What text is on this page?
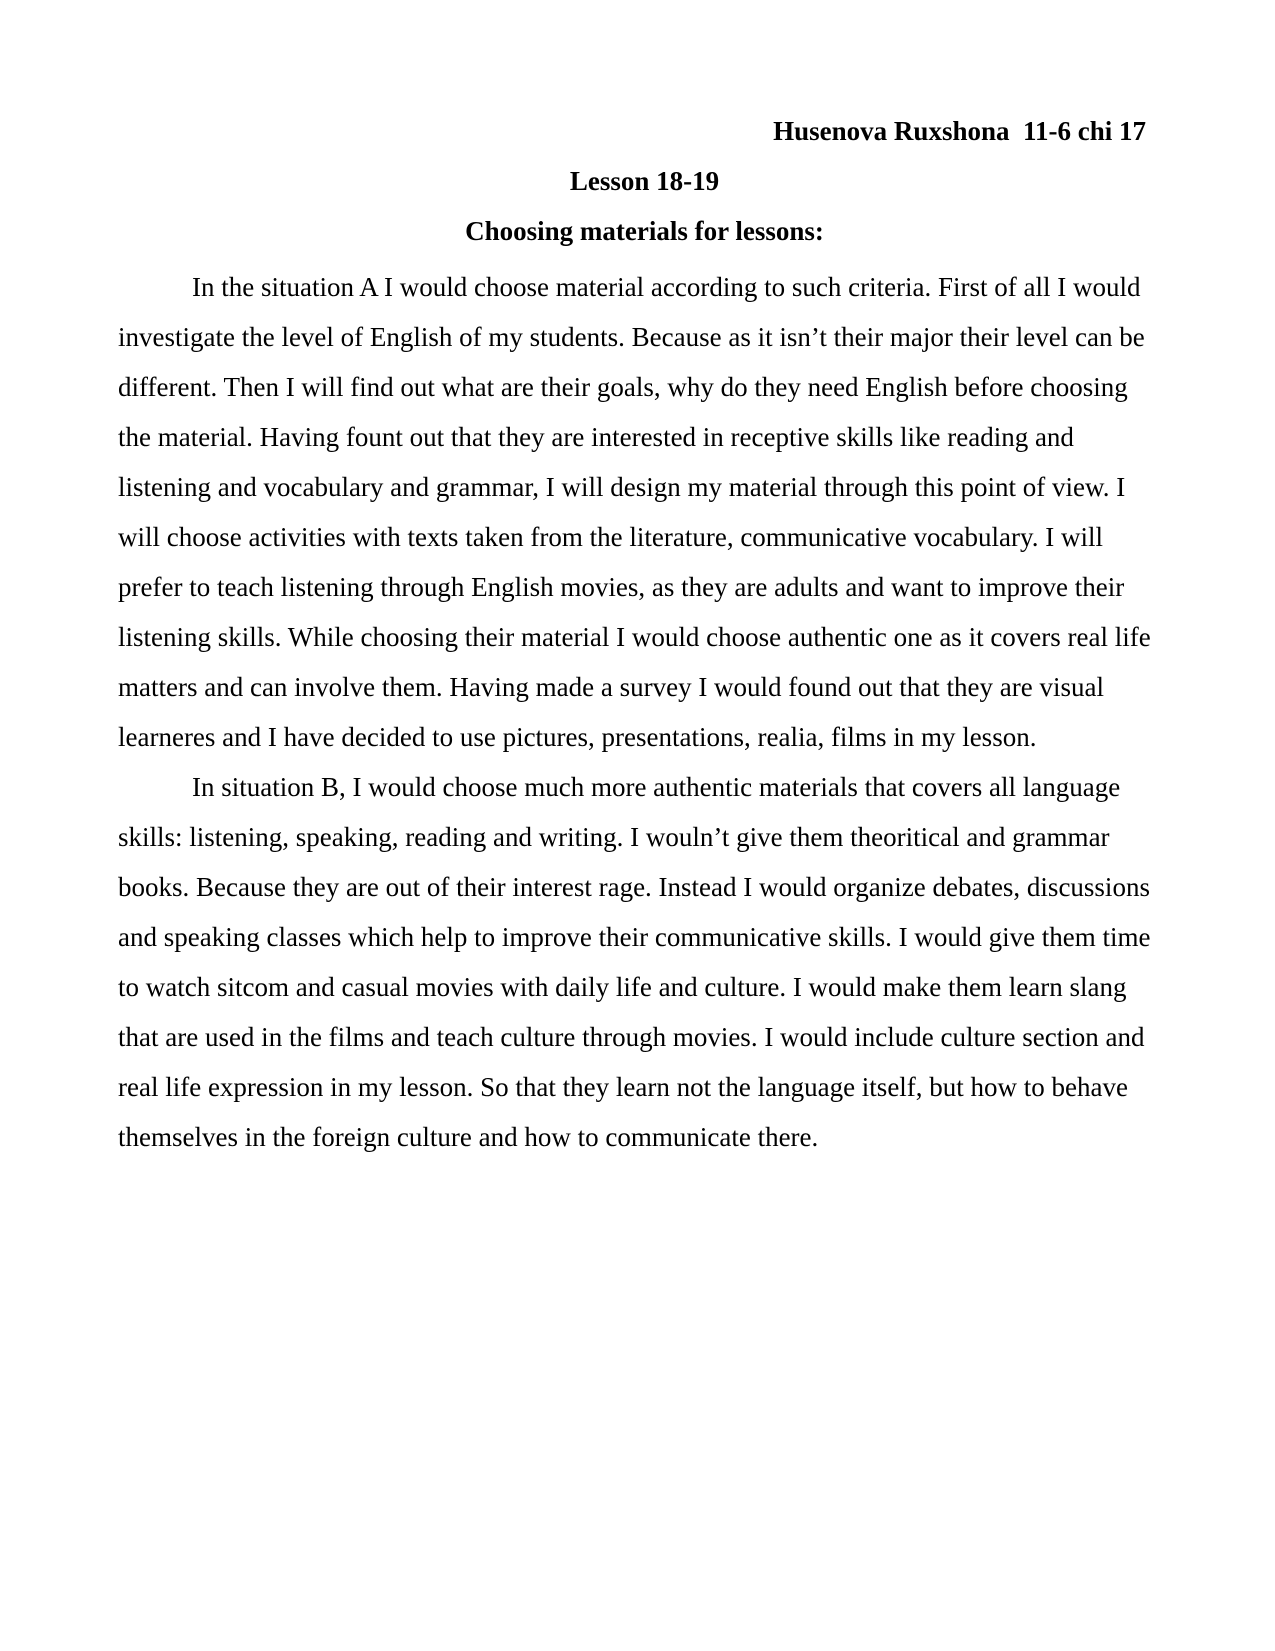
Husenova Ruxshona  11-6 chi 17
Lesson 18-19
Choosing materials for lessons:

In the situation A I would choose material according to such criteria. First of all I would investigate the level of English of my students. Because as it isn’t their major their level can be different. Then I will find out what are their goals, why do they need English before choosing the material. Having fount out that they are interested in receptive skills like reading and listening and vocabulary and grammar, I will design my material through this point of view. I will choose activities with texts taken from the literature, communicative vocabulary. I will prefer to teach listening through English movies, as they are adults and want to improve their listening skills. While choosing their material I would choose authentic one as it covers real life matters and can involve them. Having made a survey I would found out that they are visual learneres and I have decided to use pictures, presentations, realia, films in my lesson.

In situation B, I would choose much more authentic materials that covers all language skills: listening, speaking, reading and writing. I wouln’t give them theoritical and grammar books. Because they are out of their interest rage. Instead I would organize debates, discussions and speaking classes which help to improve their communicative skills. I would give them time to watch sitcom and casual movies with daily life and culture. I would make them learn slang that are used in the films and teach culture through movies. I would include culture section and real life expression in my lesson. So that they learn not the language itself, but how to behave themselves in the foreign culture and how to communicate there.
